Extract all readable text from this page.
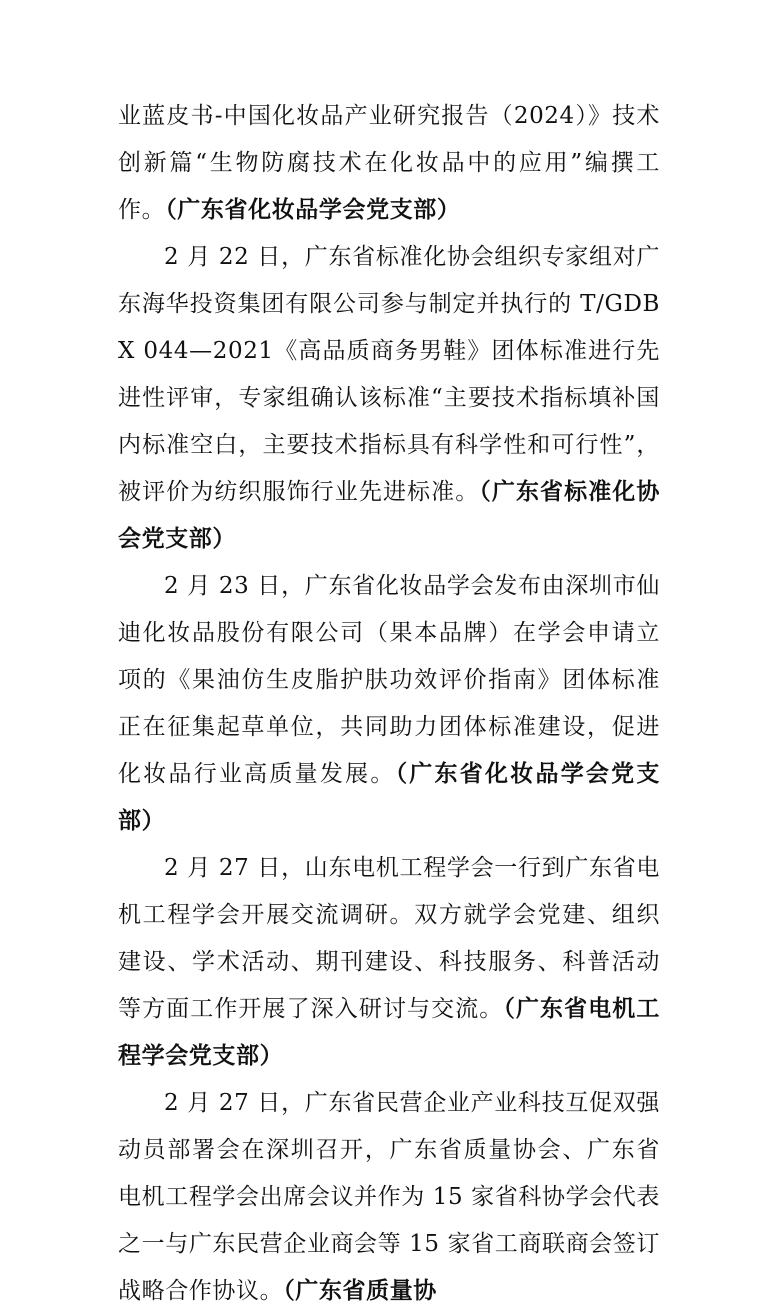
业蓝皮书-中国化妆品产业研究报告（2024）》技术创新篇“生物防腐技术在化妆品中的应用”编撰工作。（广东省化妆品学会党支部）

2 月 22 日，广东省标准化协会组织专家组对广东海华投资集团有限公司参与制定并执行的 T/GDBX 044—2021《高品质商务男鞋》团体标准进行先进性评审，专家组确认该标准“主要技术指标填补国内标准空白，主要技术指标具有科学性和可行性”，被评价为纺织服饰行业先进标准。（广东省标准化协会党支部）

2 月 23 日，广东省化妆品学会发布由深圳市仙迪化妆品股份有限公司（果本品牌）在学会申请立项的《果油仿生皮脂护肤功效评价指南》团体标准正在征集起草单位，共同助力团体标准建设，促进化妆品行业高质量发展。（广东省化妆品学会党支部）

2 月 27 日，山东电机工程学会一行到广东省电机工程学会开展交流调研。双方就学会党建、组织建设、学术活动、期刊建设、科技服务、科普活动等方面工作开展了深入研讨与交流。（广东省电机工程学会党支部）

2 月 27 日，广东省民营企业产业科技互促双强动员部署会在深圳召开，广东省质量协会、广东省电机工程学会出席会议并作为 15 家省科协学会代表之一与广东民营企业商会等 15 家省工商联商会签订战略合作协议。（广东省质量协
